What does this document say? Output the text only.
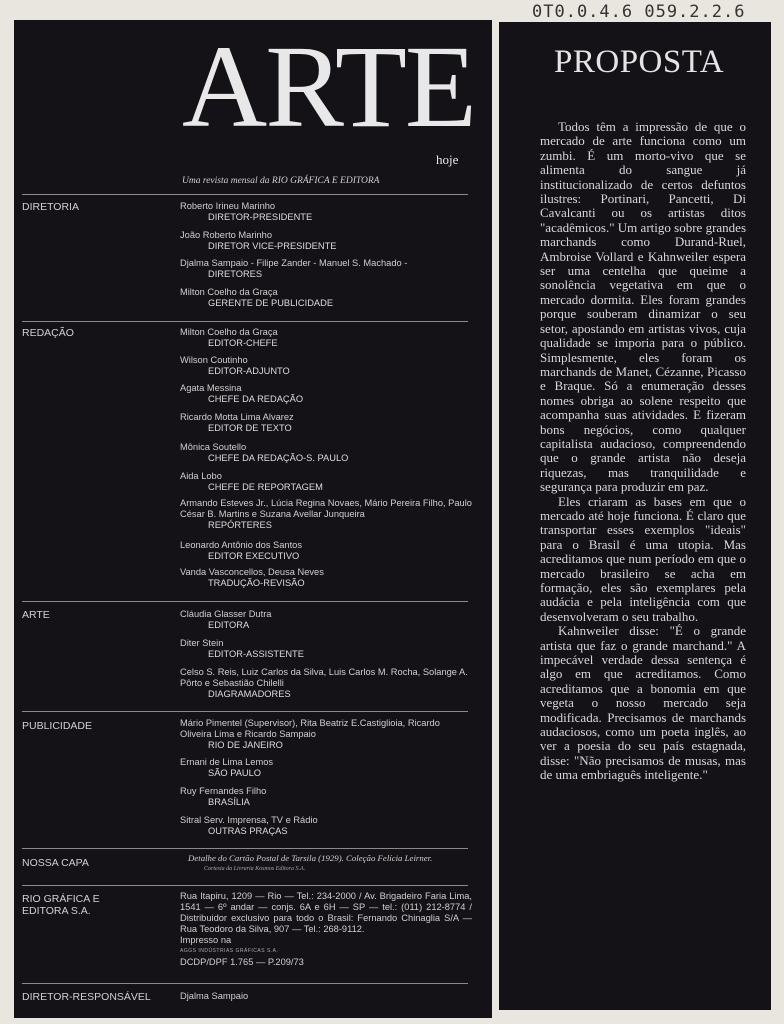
0T0.0.4.6 059.2.2.6
ARTE
hoje
Uma revista mensal da RIO GRÁFICA E EDITORA
DIRETORIA	Roberto Irineu Marinho
DIRETOR-PRESIDENTE
João Roberto Marinho
DIRETOR VICE-PRESIDENTE
Djalma Sampaio - Filipe Zander - Manuel S. Machado -
DIRETORES
Milton Coelho da Graça
GERENTE DE PUBLICIDADE
REDAÇÃO	Milton Coelho da Graça
EDITOR-CHEFE
Wilson Coutinho
EDITOR-ADJUNTO
Agata Messina
CHEFE DA REDAÇÃO
Ricardo Motta Lima Alvarez
EDITOR DE TEXTO
Mônica Soutello
CHEFE DA REDAÇÃO-S. PAULO
Aida Lobo
CHEFE DE REPORTAGEM
Armando Esteves Jr., Lúcia Regina Novaes, Mário Pereira Filho, Paulo César B. Martins e Suzana Avellar Junqueira
REPÓRTERES
Leonardo Antônio dos Santos
EDITOR EXECUTIVO
Vanda Vasconcellos, Deusa Neves
TRADUÇÃO-REVISÃO
ARTE	Cláudia Glasser Dutra
EDITORA
Diter Stein
EDITOR-ASSISTENTE
Celso S. Reis, Luiz Carlos da Silva, Luis Carlos M. Rocha, Solange A. Pôrto e Sebastião Chilelli
DIAGRAMADORES
PUBLICIDADE	Mário Pimentel (Supervisor), Rita Beatriz E.Castiglioia, Ricardo Oliveira Lima e Ricardo Sampaio
RIO DE JANEIRO
Ernani de Lima Lemos
SÃO PAULO
Ruy Fernandes Filho
BRASÍLIA
Sitral Serv. Imprensa, TV e Rádio
OUTRAS PRAÇAS
NOSSA CAPA	Detalhe do Cartão Postal de Tarsila (1929). Coleção Felícia Leirner.
Cortesia da Livraria Kosmos Editora S.A.
RIO GRÁFICA E EDITORA S.A.
Rua Itapiru, 1209 — Rio — Tel.: 234-2000 / Av. Brigadeiro Faria Lima, 1541 — 6º andar — conjs. 6A e 6H — SP — tel.: (011) 212-8774 / Distribuidor exclusivo para todo o Brasil: Fernando Chinaglia S/A — Rua Teodoro da Silva, 907 — Tel.: 268-9112.
Impresso na
AGGS INDÚSTRIAS GRÁFICAS S.A.
DCDP/DPF 1.765 — P.209/73
DIRETOR-RESPONSÁVEL	Djalma Sampaio
PROPOSTA

Todos têm a impressão de que o mercado de arte funciona como um zumbi. É um morto-vivo que se alimenta do sangue já institucionalizado de certos defuntos ilustres: Portinari, Pancetti, Di Cavalcanti ou os artistas ditos "acadêmicos." Um artigo sobre grandes marchands como Durand-Ruel, Ambroise Vollard e Kahnweiler espera ser uma centelha que queime a sonolência vegetativa em que o mercado dormita. Eles foram grandes porque souberam dinamizar o seu setor, apostando em artistas vivos, cuja qualidade se imporia para o público. Simplesmente, eles foram os marchands de Manet, Cézanne, Picasso e Braque. Só a enumeração desses nomes obriga ao solene respeito que acompanha suas atividades. E fizeram bons negócios, como qualquer capitalista audacioso, compreendendo que o grande artista não deseja riquezas, mas tranquilidade e segurança para produzir em paz.

Eles criaram as bases em que o mercado até hoje funciona. É claro que transportar esses exemplos "ideais" para o Brasil é uma utopia. Mas acreditamos que num período em que o mercado brasileiro se acha em formação, eles são exemplares pela audácia e pela inteligência com que desenvolveram o seu trabalho.

Kahnweiler disse: "É o grande artista que faz o grande marchand." A impecável verdade dessa sentença é algo em que acreditamos. Como acreditamos que a bonomia em que vegeta o nosso mercado seja modificada. Precisamos de marchands audaciosos, como um poeta inglês, ao ver a poesia do seu país estagnada, disse: "Não precisamos de musas, mas de uma embriaguês inteligente."
